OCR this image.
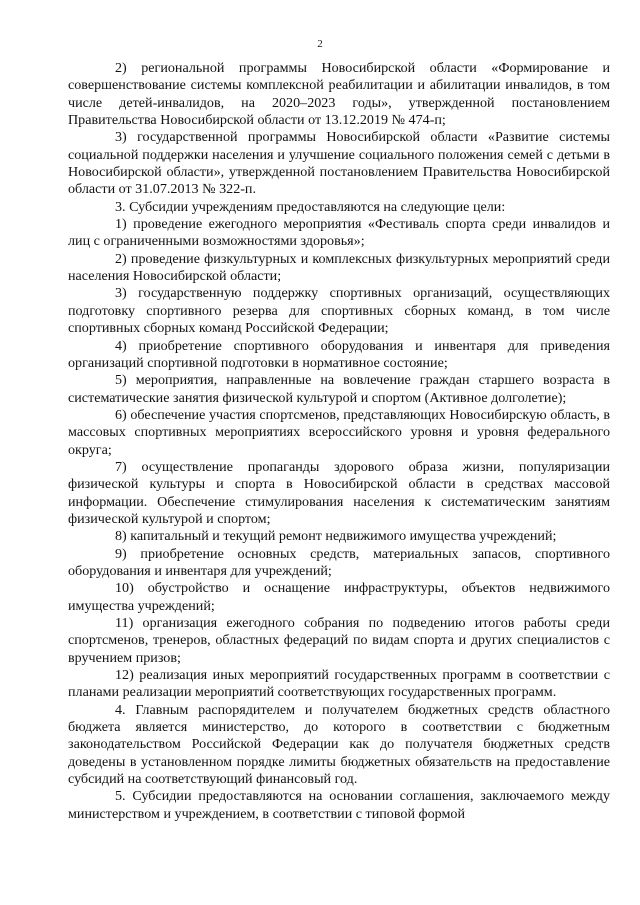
2

2) региональной программы Новосибирской области «Формирование и совершенствование системы комплексной реабилитации и абилитации инвалидов, в том числе детей-инвалидов, на 2020–2023 годы», утвержденной постановлением Правительства Новосибирской области от 13.12.2019 № 474-п;

3) государственной программы Новосибирской области «Развитие системы социальной поддержки населения и улучшение социального положения семей с детьми в Новосибирской области», утвержденной постановлением Правительства Новосибирской области от 31.07.2013 № 322-п.

3. Субсидии учреждениям предоставляются на следующие цели:

1) проведение ежегодного мероприятия «Фестиваль спорта среди инвалидов и лиц с ограниченными возможностями здоровья»;

2) проведение физкультурных и комплексных физкультурных мероприятий среди населения Новосибирской области;

3) государственную поддержку спортивных организаций, осуществляющих подготовку спортивного резерва для спортивных сборных команд, в том числе спортивных сборных команд Российской Федерации;

4) приобретение спортивного оборудования и инвентаря для приведения организаций спортивной подготовки в нормативное состояние;

5) мероприятия, направленные на вовлечение граждан старшего возраста в систематические занятия физической культурой и спортом (Активное долголетие);

6) обеспечение участия спортсменов, представляющих Новосибирскую область, в массовых спортивных мероприятиях всероссийского уровня и уровня федерального округа;

7) осуществление пропаганды здорового образа жизни, популяризации физической культуры и спорта в Новосибирской области в средствах массовой информации. Обеспечение стимулирования населения к систематическим занятиям физической культурой и спортом;

8) капитальный и текущий ремонт недвижимого имущества учреждений;

9) приобретение основных средств, материальных запасов, спортивного оборудования и инвентаря для учреждений;

10) обустройство и оснащение инфраструктуры, объектов недвижимого имущества учреждений;

11) организация ежегодного собрания по подведению итогов работы среди спортсменов, тренеров, областных федераций по видам спорта и других специалистов с вручением призов;

12) реализация иных мероприятий государственных программ в соответствии с планами реализации мероприятий соответствующих государственных программ.

4. Главным распорядителем и получателем бюджетных средств областного бюджета является министерство, до которого в соответствии с бюджетным законодательством Российской Федерации как до получателя бюджетных средств доведены в установленном порядке лимиты бюджетных обязательств на предоставление субсидий на соответствующий финансовый год.

5. Субсидии предоставляются на основании соглашения, заключаемого между министерством и учреждением, в соответствии с типовой формой
